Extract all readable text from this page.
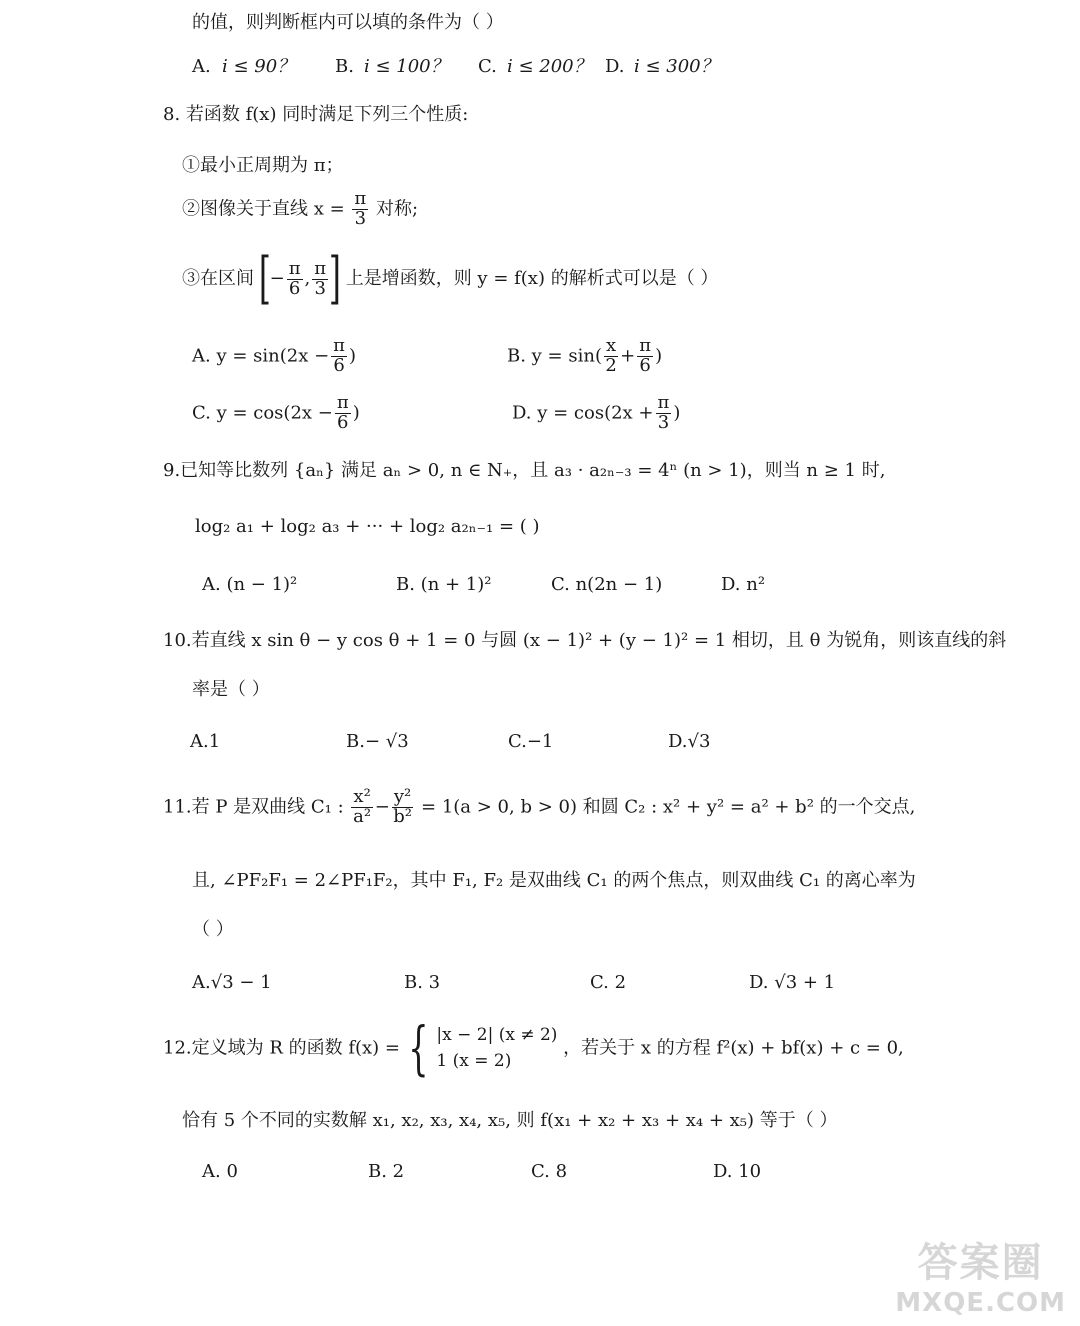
的值，则判断框内可以填的条件为（ ）
A. i ≤ 90？ B. i ≤ 100？ C. i ≤ 200？ D. i ≤ 300？
8. 若函数 f(x) 同时满足下列三个性质:
①最小正周期为 π；
②图像关于直线 $x = \frac{\pi}{3}$ 对称;
③在区间 [− $\frac{\pi}{6}$ , $\frac{\pi}{3}$ ] 上是增函数，则 y = f(x) 的解析式可以是（ ）
A. $y = \sin(2x - \frac{\pi}{6}$ )	B. $y = \sin( \frac{x}{2} + \frac{\pi}{6}$ )
C. $y = \cos(2x - \frac{\pi}{6}$ )	D. $y = \cos(2x + \frac{\pi}{3}$ )
9.已知等比数列 {aₙ} 满足 aₙ > 0, n ∈ N₊，且 a₃ · a₂ₙ₋₃ = 4ⁿ (n > 1)，则当 n ≥ 1 时,
log₂ a₁ + log₂ a₃ + ··· + log₂ a₂ₙ₋₁ = ( )
A. (n − 1)²	B. (n + 1)²	C. n(2n − 1)	D. n²
10.若直线 x sin θ − y cos θ + 1 = 0 与圆 (x − 1)² + (y − 1)² = 1 相切，且 θ 为锐角，则该直线的斜
率是（ ）
A.1	B.− √3	C.−1	D.√3
11.若 P 是双曲线 C₁ : $\frac{\text{x²}}{\text{a²}} - \frac{\text{y²}}{\text{b²}} = 1(a > 0$, b > 0) 和圆 C₂ : x² + y² = a² + b² 的一个交点,
且, ∠PF₂F₁ = 2∠PF₁F₂，其中 F₁, F₂ 是双曲线 C₁ 的两个焦点，则双曲线 C₁ 的离心率为
（ ）
A.√3 − 1	B. 3	C. 2	D. √3 + 1
12.定义域为 R 的函数 f(x) = { |x − 2| (x ≠ 2)
1 (x = 2)
，若关于 x 的方程 f²(x) + bf(x) + c = 0,
恰有 5 个不同的实数解 x₁, x₂, x₃, x₄, x₅, 则 f(x₁ + x₂ + x₃ + x₄ + x₅) 等于（ ）
A. 0	B. 2	C. 8	D. 10
答案圈
MXQE.COM
